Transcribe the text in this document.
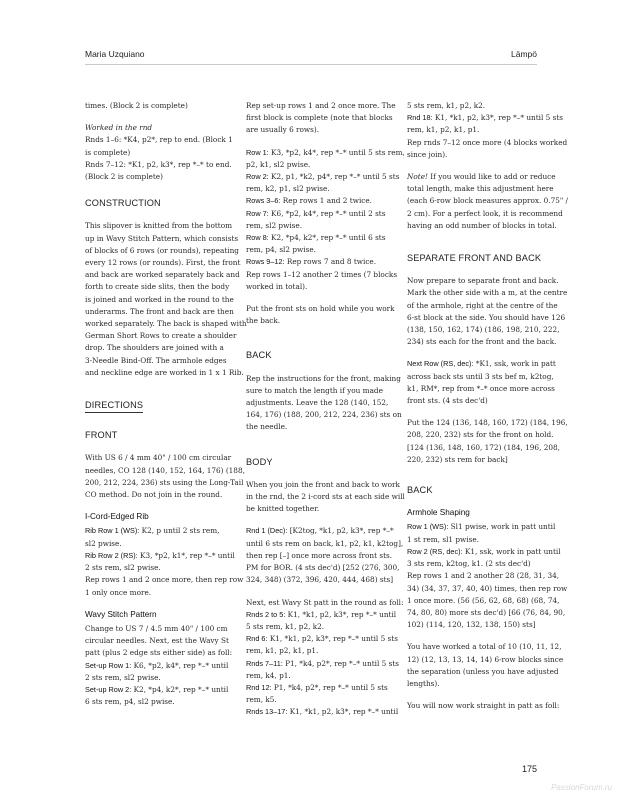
Maria Uzquiano	Lämpö
times. (Block 2 is complete)
Worked in the rnd
Rnds 1–6: *K4, p2*, rep to end. (Block 1
is complete)
Rnds 7–12: *K1, p2, k3*, rep *–* to end.
(Block 2 is complete)
CONSTRUCTION
This slipover is knitted from the bottom
up in Wavy Stitch Pattern, which consists
of blocks of 6 rows (or rounds), repeating
every 12 rows (or rounds). First, the front
and back are worked separately back and
forth to create side slits, then the body
is joined and worked in the round to the
underarms. The front and back are then
worked separately. The back is shaped with
German Short Rows to create a shoulder
drop. The shoulders are joined with a
3-Needle Bind-Off. The armhole edges
and neckline edge are worked in 1 x 1 Rib.
DIRECTIONS
FRONT
With US 6 / 4 mm 40" / 100 cm circular
needles, CO 128 (140, 152, 164, 176) (188,
200, 212, 224, 236) sts using the Long-Tail
CO method. Do not join in the round.
I-Cord-Edged Rib
Rib Row 1 (WS): K2, p until 2 sts rem,
sl2 pwise.
Rib Row 2 (RS): K3, *p2, k1*, rep *–* until
2 sts rem, sl2 pwise.
Rep rows 1 and 2 once more, then rep row
1 only once more.
Wavy Stitch Pattern
Change to US 7 / 4.5 mm 40" / 100 cm
circular needles. Next, est the Wavy St
patt (plus 2 edge sts either side) as foll:
Set-up Row 1: K6, *p2, k4*, rep *–* until
2 sts rem, sl2 pwise.
Set-up Row 2: K2, *p4, k2*, rep *–* until
6 sts rem, p4, sl2 pwise.
Rep set-up rows 1 and 2 once more. The
first block is complete (note that blocks
are usually 6 rows).
Row 1: K3, *p2, k4*, rep *–* until 5 sts rem,
p2, k1, sl2 pwise.
Row 2: K2, p1, *k2, p4*, rep *–* until 5 sts
rem, k2, p1, sl2 pwise.
Rows 3–6: Rep rows 1 and 2 twice.
Row 7: K6, *p2, k4*, rep *–* until 2 sts
rem, sl2 pwise.
Row 8: K2, *p4, k2*, rep *–* until 6 sts
rem, p4, sl2 pwise.
Rows 9–12: Rep rows 7 and 8 twice.
Rep rows 1–12 another 2 times (7 blocks
worked in total).
Put the front sts on hold while you work
the back.
BACK
Rep the instructions for the front, making
sure to match the length if you made
adjustments. Leave the 128 (140, 152,
164, 176) (188, 200, 212, 224, 236) sts on
the needle.
BODY
When you join the front and back to work
in the rnd, the 2 i-cord sts at each side will
be knitted together.
Rnd 1 (Dec): [K2tog, *k1, p2, k3*, rep *–*
until 6 sts rem on back, k1, p2, k1, k2tog],
then rep [–] once more across front sts.
PM for BOR. (4 sts dec'd) [252 (276, 300,
324, 348) (372, 396, 420, 444, 468) sts]
Next, est Wavy St patt in the round as foll:
Rnds 2 to 5: K1, *k1, p2, k3*, rep *–* until
5 sts rem, k1, p2, k2.
Rnd 6: K1, *k1, p2, k3*, rep *–* until 5 sts
rem, k1, p2, k1, p1.
Rnds 7–11: P1, *k4, p2*, rep *–* until 5 sts
rem, k4, p1.
Rnd 12: P1, *k4, p2*, rep *–* until 5 sts
rem, k5.
Rnds 13–17: K1, *k1, p2, k3*, rep *–* until
5 sts rem, k1, p2, k2.
Rnd 18: K1, *k1, p2, k3*, rep *–* until 5 sts
rem, k1, p2, k1, p1.
Rep rnds 7–12 once more (4 blocks worked
since join).
Note! If you would like to add or reduce
total length, make this adjustment here
(each 6-row block measures approx. 0.75" /
2 cm). For a perfect look, it is recommend
having an odd number of blocks in total.
SEPARATE FRONT AND BACK
Now prepare to separate front and back.
Mark the other side with a m, at the centre
of the armhole, right at the centre of the
6-st block at the side. You should have 126
(138, 150, 162, 174) (186, 198, 210, 222,
234) sts each for the front and the back.
Next Row (RS, dec): *K1, ssk, work in patt
across back sts until 3 sts bef m, k2tog,
k1, RM*, rep from *–* once more across
front sts. (4 sts dec'd)
Put the 124 (136, 148, 160, 172) (184, 196,
208, 220, 232) sts for the front on hold.
[124 (136, 148, 160, 172) (184, 196, 208,
220, 232) sts rem for back]
BACK
Armhole Shaping
Row 1 (WS): Sl1 pwise, work in patt until
1 st rem, sl1 pwise.
Row 2 (RS, dec): K1, ssk, work in patt until
3 sts rem, k2tog, k1. (2 sts dec'd)
Rep rows 1 and 2 another 28 (28, 31, 34,
34) (34, 37, 37, 40, 40) times, then rep row
1 once more. (56 (56, 62, 68, 68) (68, 74,
74, 80, 80) more sts dec'd) [66 (76, 84, 90,
102) (114, 120, 132, 138, 150) sts]
You have worked a total of 10 (10, 11, 12,
12) (12, 13, 13, 14, 14) 6-row blocks since
the separation (unless you have adjusted
lengths).
You will now work straight in patt as foll:
175
PassionForum.ru
